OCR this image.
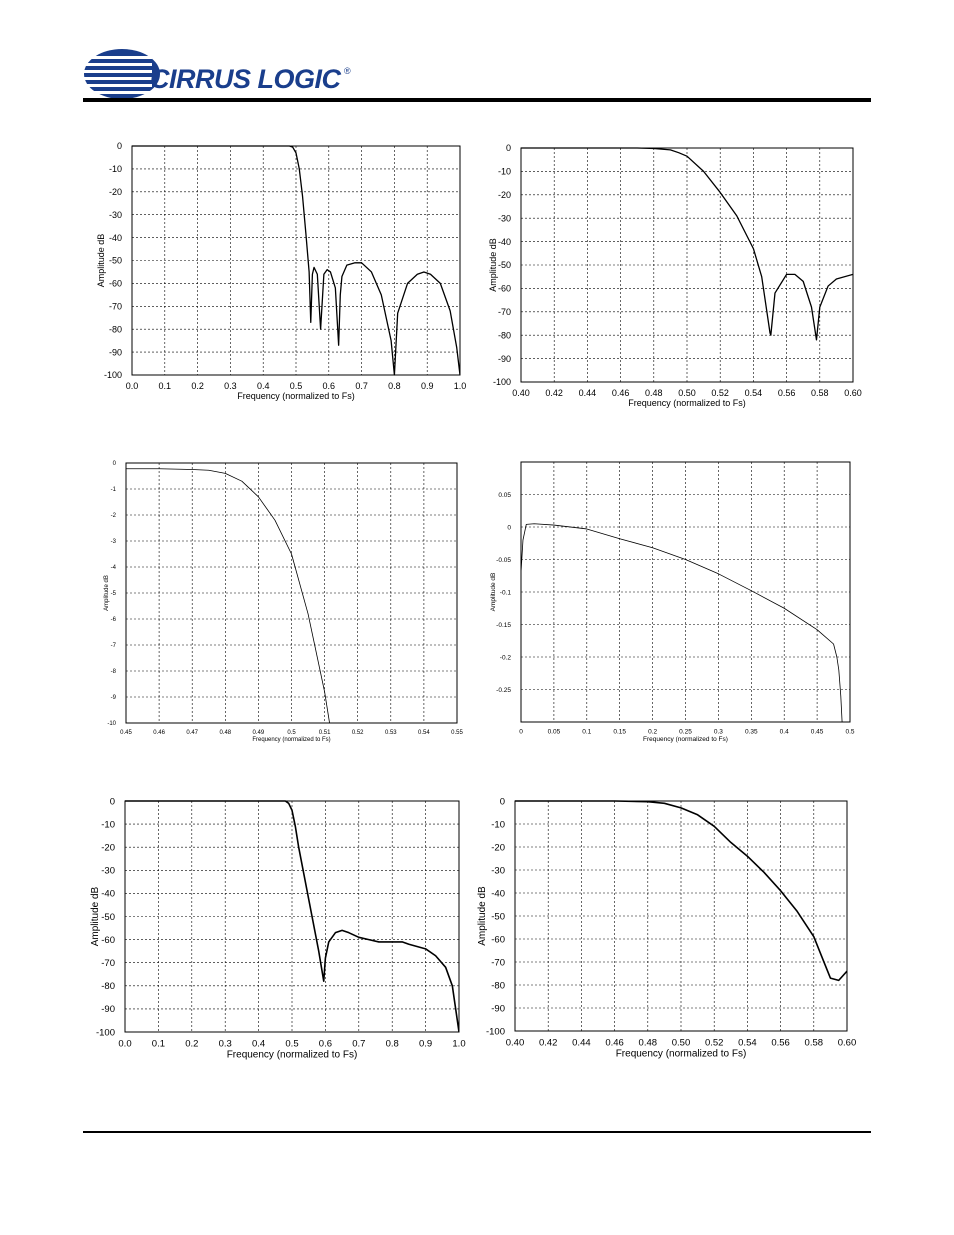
CIRRUS LOGIC ®
0.0 0.1 0.2 0.3 0.4 0.5 0.6 0.7 0.8 0.9 1.0
0
-10
-20
-30
-40
-50
-60
-70
-80
-90
-100
Frequency (normalized to Fs)
Amplitude dB
0.40 0.42 0.44 0.46 0.48 0.50 0.52 0.54 0.56 0.58 0.60
0
-10
-20
-30
-40
-50
-60
-70
-80
-90
-100
Frequency (normalized to Fs)
Amplitude dB
0.45	0.46	0.47	0.48	0.49	0.5	0.51	0.52	0.53	0.54	0.55
0
-1
-2
-3
-4
-5
-6
-7
-8
-9
-10
Frequency (normalized to Fs)
Amplitude dB
0	0.05	0.1	0.15	0.2	0.25	0.3	0.35	0.4	0.45	0.5
0.05
0
-0.05
-0.1
-0.15
-0.2
-0.25
Frequency (normalized to Fs)
Amplitude dB
0.0 0.1 0.2 0.3 0.4 0.5 0.6 0.7 0.8 0.9 1.0
0
-10
-20
-30
-40
-50
-60
-70
-80
-90
-100
Frequency (normalized to Fs)
Amplitude dB
0.40 0.42 0.44 0.46 0.48 0.50 0.52 0.54 0.56 0.58 0.60
0
-10
-20
-30
-40
-50
-60
-70
-80
-90
-100
Frequency (normalized to Fs)
Amplitude dB
